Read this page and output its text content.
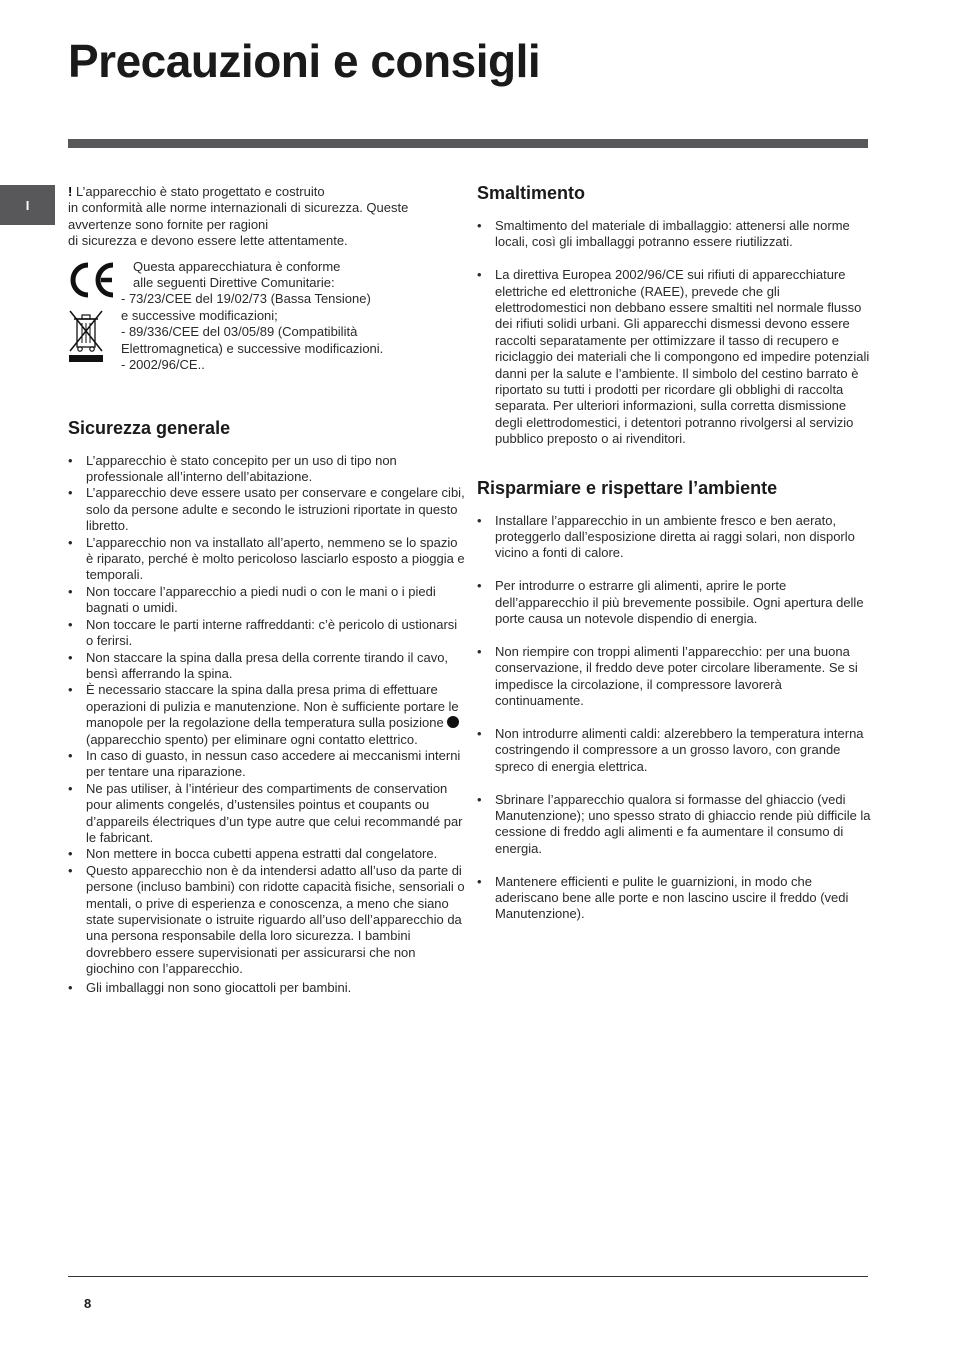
Precauzioni e consigli
I

! L’apparecchio è stato progettato e costruito

in conformità alle norme internazionali di sicurezza. Queste avvertenze sono fornite per ragioni

di sicurezza e devono essere lette attentamente.

Questa apparecchiatura è conforme

alle seguenti Direttive Comunitarie:

- 73/23/CEE del 19/02/73 (Bassa Tensione)

e successive modificazioni;

- 89/336/CEE del 03/05/89 (Compatibilità

Elettromagnetica) e successive modificazioni.

- 2002/96/CE..

Sicurezza generale
• L’apparecchio è stato concepito per un uso di tipo non professionale all’interno dell’abitazione.
• L’apparecchio deve essere usato per conservare e congelare cibi, solo da persone adulte e secondo le istruzioni riportate in questo libretto.
• L’apparecchio non va installato all’aperto, nemmeno se lo spazio è riparato, perché è molto pericoloso lasciarlo esposto a pioggia e temporali.
• Non toccare l’apparecchio a piedi nudi o con le mani o i piedi bagnati o umidi.
• Non toccare le parti interne raffreddanti: c’è pericolo di ustionarsi o ferirsi.
• Non staccare la spina dalla presa della corrente tirando il cavo, bensì afferrando la spina.
• È necessario staccare la spina dalla presa prima di effettuare operazioni di pulizia e manutenzione. Non è sufficiente portare le manopole per la regolazione della temperatura sulla posizione  (apparecchio spento) per eliminare ogni contatto elettrico.
• In caso di guasto, in nessun caso accedere ai meccanismi interni per tentare una riparazione.
• Ne pas utiliser, à l’intérieur des compartiments de conservation pour aliments congelés, d’ustensiles pointus et coupants ou d’appareils électriques d’un type autre que celui recommandé par le fabricant.
• Non mettere in bocca cubetti appena estratti dal congelatore.
• Questo apparecchio non è da intendersi adatto all’uso da parte di persone (incluso bambini) con ridotte capacità fisiche, sensoriali o mentali, o prive di esperienza e conoscenza, a meno che siano state supervisionate o istruite riguardo all’uso dell’apparecchio da una persona responsabile della loro sicurezza. I bambini dovrebbero essere supervisionati per assicurarsi che non giochino con l’apparecchio.
• Gli imballaggi non sono giocattoli per bambini.
Smaltimento
• Smaltimento del materiale di imballaggio: attenersi alle norme locali, così gli imballaggi potranno essere riutilizzati.
• La direttiva Europea 2002/96/CE sui rifiuti di apparecchiature elettriche ed elettroniche (RAEE), prevede che gli elettrodomestici non debbano essere smaltiti nel normale flusso dei rifiuti solidi urbani. Gli apparecchi dismessi devono essere raccolti separatamente per ottimizzare il tasso di recupero e riciclaggio dei materiali che li compongono ed impedire potenziali danni per la salute e l’ambiente. Il simbolo del cestino barrato è riportato su tutti i prodotti per ricordare gli obblighi di raccolta separata. Per ulteriori informazioni, sulla corretta dismissione degli elettrodomestici, i detentori potranno rivolgersi al servizio pubblico preposto o ai rivenditori.
Risparmiare e rispettare l’ambiente
• Installare l’apparecchio in un ambiente fresco e ben aerato, proteggerlo dall’esposizione diretta ai raggi solari, non disporlo vicino a fonti di calore.
• Per introdurre o estrarre gli alimenti, aprire le porte dell’apparecchio il più brevemente possibile. Ogni apertura delle porte causa un notevole dispendio di energia.
• Non riempire con troppi alimenti l’apparecchio: per una buona conservazione, il freddo deve poter circolare liberamente. Se si impedisce la circolazione, il compressore lavorerà continuamente.
• Non introdurre alimenti caldi: alzerebbero la temperatura interna costringendo il compressore a un grosso lavoro, con grande spreco di energia elettrica.
• Sbrinare l’apparecchio qualora si formasse del ghiaccio (vedi Manutenzione); uno spesso strato di ghiaccio rende più difficile la cessione di freddo agli alimenti e fa aumentare il consumo di energia.
• Mantenere efficienti e pulite le guarnizioni, in modo che aderiscano bene alle porte e non lascino uscire il freddo (vedi Manutenzione).
8
